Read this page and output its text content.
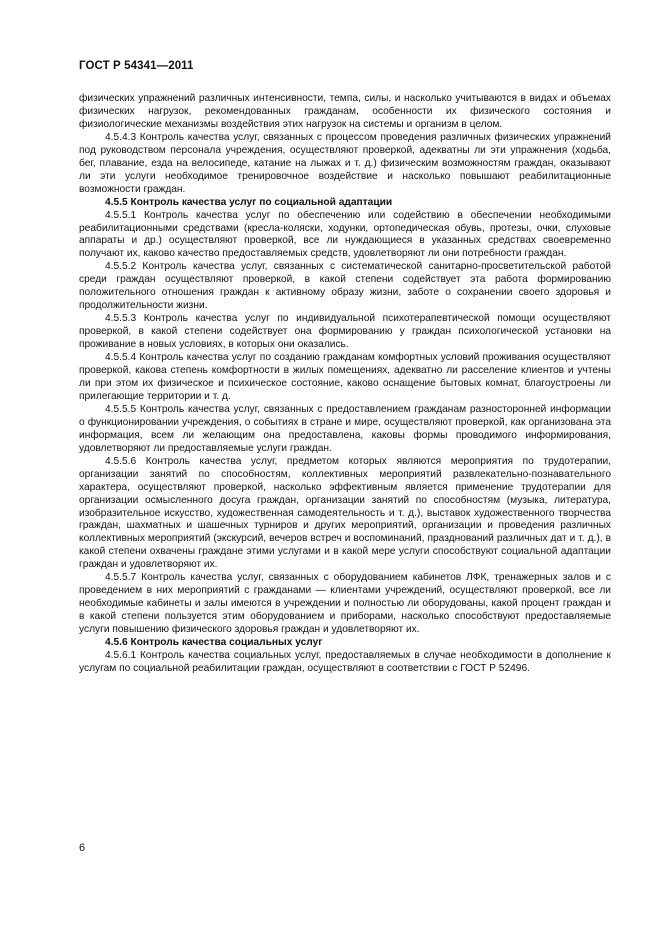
ГОСТ Р 54341—2011

физических упражнений различных интенсивности, темпа, силы, и насколько учитываются в видах и объемах физических нагрузок, рекомендованных гражданам, особенности их физического состояния и физиологические механизмы воздействия этих нагрузок на системы и организм в целом.

4.5.4.3 Контроль качества услуг, связанных с процессом проведения различных физических упражнений под руководством персонала учреждения, осуществляют проверкой, адекватны ли эти упражнения (ходьба, бег, плавание, езда на велосипеде, катание на лыжах и т. д.) физическим возможностям граждан, оказывают ли эти услуги необходимое тренировочное воздействие и насколько повышают реабилитационные возможности граждан.

4.5.5 Контроль качества услуг по социальной адаптации

4.5.5.1 Контроль качества услуг по обеспечению или содействию в обеспечении необходимыми реабилитационными средствами (кресла-коляски, ходунки, ортопедическая обувь, протезы, очки, слуховые аппараты и др.) осуществляют проверкой, все ли нуждающиеся в указанных средствах своевременно получают их, каково качество предоставляемых средств, удовлетворяют ли они потребности граждан.

4.5.5.2 Контроль качества услуг, связанных с систематической санитарно-просветительской работой среди граждан осуществляют проверкой, в какой степени содействует эта работа формированию положительного отношения граждан к активному образу жизни, заботе о сохранении своего здоровья и продолжительности жизни.

4.5.5.3 Контроль качества услуг по индивидуальной психотерапевтической помощи осуществляют проверкой, в какой степени содействует она формированию у граждан психологической установки на проживание в новых условиях, в которых они оказались.

4.5.5.4 Контроль качества услуг по созданию гражданам комфортных условий проживания осуществляют проверкой, какова степень комфортности в жилых помещениях, адекватно ли расселение клиентов и учтены ли при этом их физическое и психическое состояние, каково оснащение бытовых комнат, благоустроены ли прилегающие территории и т. д.

4.5.5.5 Контроль качества услуг, связанных с предоставлением гражданам разносторонней информации о функционировании учреждения, о событиях в стране и мире, осуществляют проверкой, как организована эта информация, всем ли желающим она предоставлена, каковы формы проводимого информирования, удовлетворяют ли предоставляемые услуги граждан.

4.5.5.6 Контроль качества услуг, предметом которых являются мероприятия по трудотерапии, организации занятий по способностям, коллективных мероприятий развлекательно-познавательного характера, осуществляют проверкой, насколько эффективным является применение трудотерапии для организации осмысленного досуга граждан, организации занятий по способностям (музыка, литература, изобразительное искусство, художественная самодеятельность и т. д.), выставок художественного творчества граждан, шахматных и шашечных турниров и других мероприятий, организации и проведения различных коллективных мероприятий (экскурсий, вечеров встреч и воспоминаний, празднований различных дат и т. д.), в какой степени охвачены граждане этими услугами и в какой мере услуги способствуют социальной адаптации граждан и удовлетворяют их.

4.5.5.7 Контроль качества услуг, связанных с оборудованием кабинетов ЛФК, тренажерных залов и с проведением в них мероприятий с гражданами — клиентами учреждений, осуществляют проверкой, все ли необходимые кабинеты и залы имеются в учреждении и полностью ли оборудованы, какой процент граждан и в какой степени пользуется этим оборудованием и приборами, насколько способствуют предоставляемые услуги повышению физического здоровья граждан и удовлетворяют их.

4.5.6 Контроль качества социальных услуг

4.5.6.1 Контроль качества социальных услуг, предоставляемых в случае необходимости в дополнение к услугам по социальной реабилитации граждан, осуществляют в соответствии с ГОСТ Р 52496.

6
